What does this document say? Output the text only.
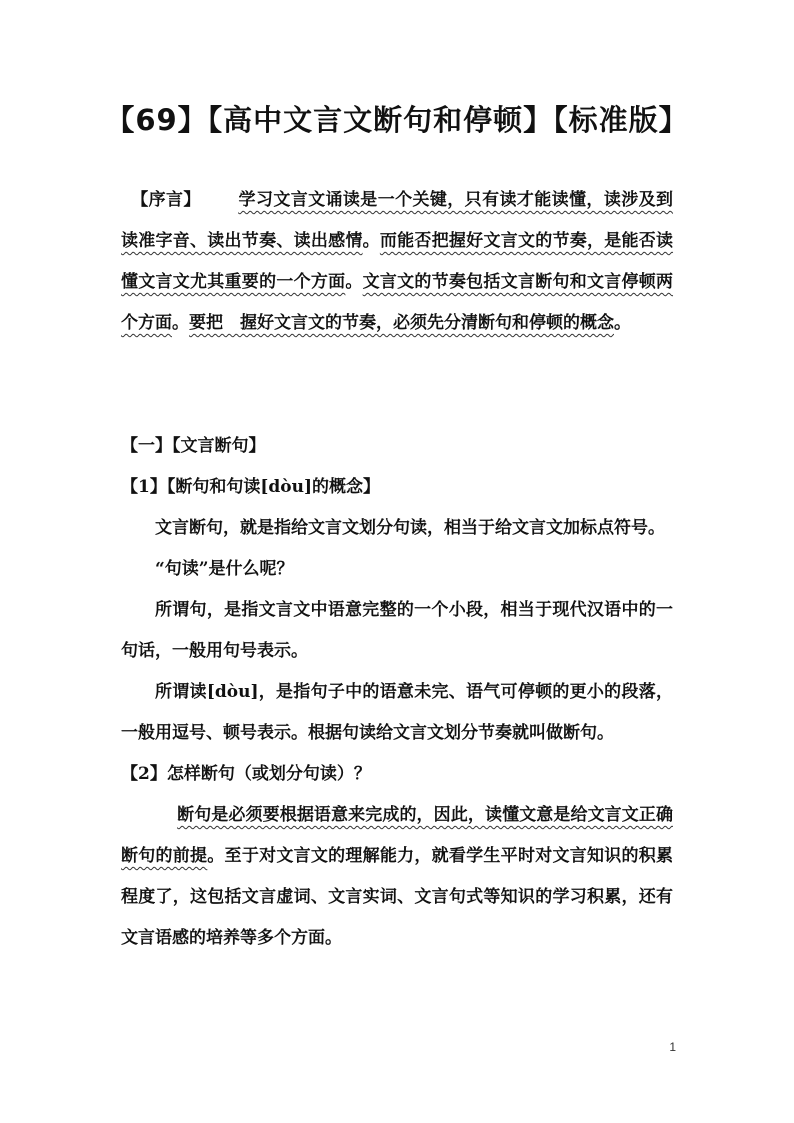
【69】【高中文言文断句和停顿】【标准版】

【序言】　 学习文言文诵读是一个关键，只有读才能读懂，读涉及到读准字音、读出节奏、读出感情。而能否把握好文言文的节奏，是能否读懂文言文尤其重要的一个方面。文言文的节奏包括文言断句和文言停顿两个方面。要把　握好文言文的节奏，必须先分清断句和停顿的概念。

【一】【文言断句】

【1】【断句和句读[dòu]的概念】

文言断句，就是指给文言文划分句读，相当于给文言文加标点符号。

“句读”是什么呢？

所谓句，是指文言文中语意完整的一个小段，相当于现代汉语中的一句话，一般用句号表示。

所谓读[dòu]，是指句子中的语意未完、语气可停顿的更小的段落，一般用逗号、顿号表示。根据句读给文言文划分节奏就叫做断句。

【2】怎样断句（或划分句读）？

断句是必须要根据语意来完成的，因此，读懂文意是给文言文正确断句的前提。至于对文言文的理解能力，就看学生平时对文言知识的积累程度了，这包括文言虚词、文言实词、文言句式等知识的学习积累，还有文言语感的培养等多个方面。

1
